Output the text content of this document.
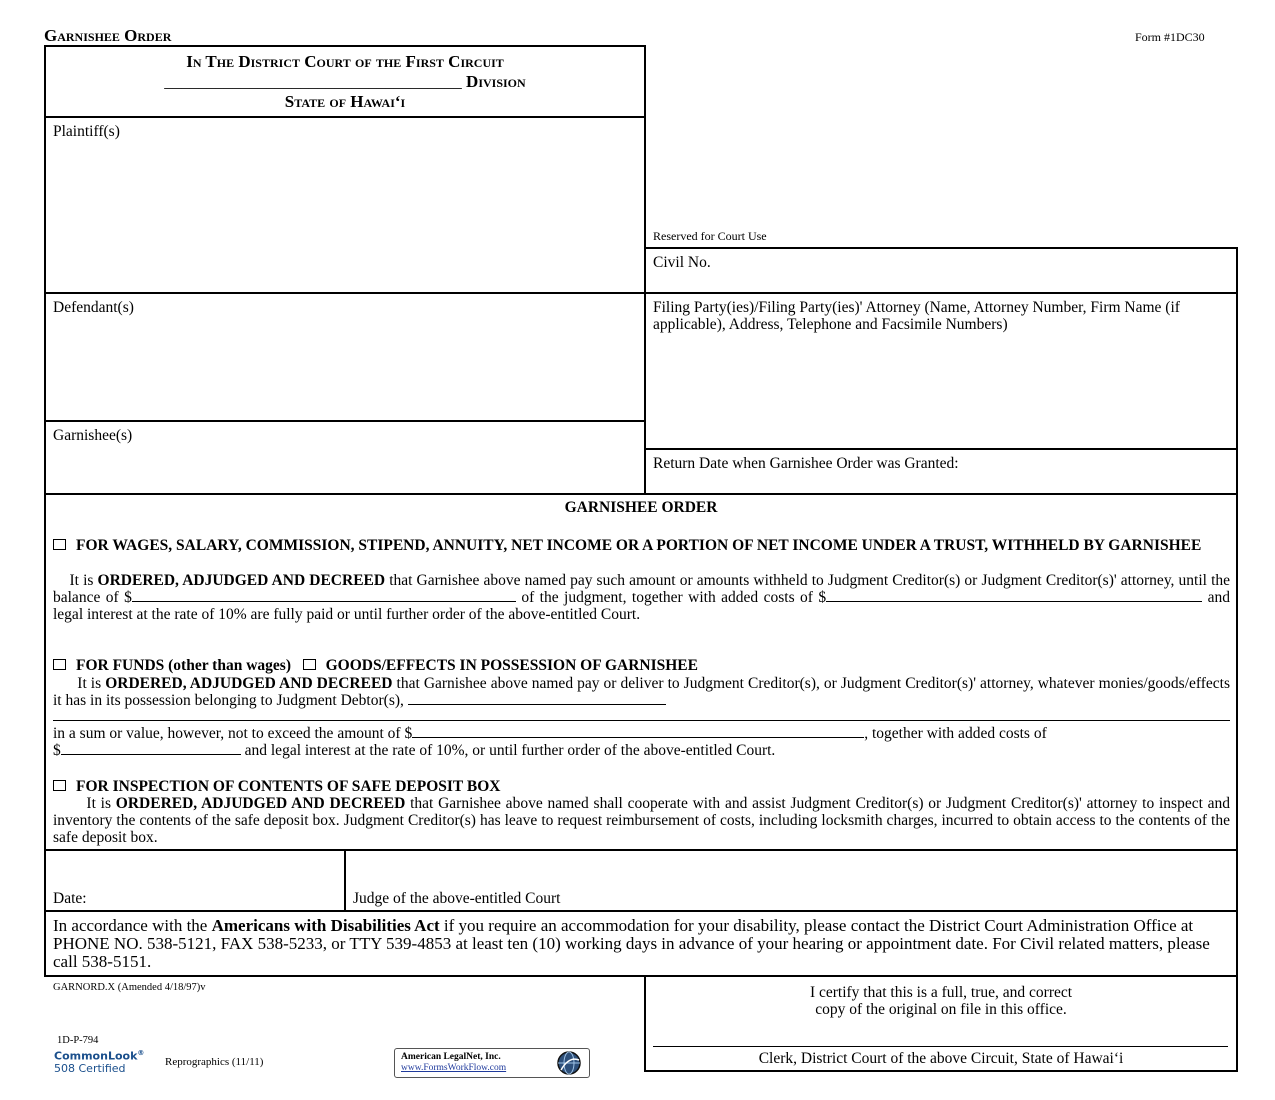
Garnishee Order	Form #1DC30
In The District Court of the First Circuit
___________________________________ Division
State of Hawai‘i
Plaintiff(s)
Defendant(s)
Garnishee(s)
Reserved for Court Use
Civil No.
Filing Party(ies)/Filing Party(ies)' Attorney (Name, Attorney Number, Firm Name (if applicable), Address, Telephone and Facsimile Numbers)
Return Date when Garnishee Order was Granted:
GARNISHEE ORDER
FOR WAGES, SALARY, COMMISSION, STIPEND, ANNUITY, NET INCOME OR A PORTION OF NET INCOME UNDER A TRUST, WITHHELD BY GARNISHEE
It is ORDERED, ADJUDGED AND DECREED that Garnishee above named pay such amount or amounts withheld to Judgment Creditor(s) or Judgment Creditor(s)' attorney, until the balance of $	of the judgment, together with added costs of $	and legal interest at the rate of 10% are fully paid or until further order of the above-entitled Court.
FOR FUNDS (other than wages) GOODS/EFFECTS IN POSSESSION OF GARNISHEE
It is ORDERED, ADJUDGED AND DECREED that Garnishee above named pay or deliver to Judgment Creditor(s), or Judgment Creditor(s)' attorney, whatever monies/goods/effects it has in its possession belonging to Judgment Debtor(s),
in a sum or value, however, not to exceed the amount of $	, together with added costs of
$	and legal interest at the rate of 10%, or until further order of the above-entitled Court.
FOR INSPECTION OF CONTENTS OF SAFE DEPOSIT BOX
It is ORDERED, ADJUDGED AND DECREED that Garnishee above named shall cooperate with and assist Judgment Creditor(s) or Judgment Creditor(s)' attorney to inspect and inventory the contents of the safe deposit box. Judgment Creditor(s) has leave to request reimbursement of costs, including locksmith charges, incurred to obtain access to the contents of the safe deposit box.
Date:	Judge of the above-entitled Court
In accordance with the Americans with Disabilities Act if you require an accommodation for your disability, please contact the District Court Administration Office at PHONE NO. 538-5121, FAX 538-5233, or TTY 539-4853 at least ten (10) working days in advance of your hearing or appointment date. For Civil related matters, please call 538-5151.
GARNORD.X (Amended 4/18/97)v
1D-P-794
CommonLook®
508 Certified	Reprographics (11/11)	American LegalNet, Inc.
www.FormsWorkFlow.com
I certify that this is a full, true, and correct
copy of the original on file in this office.
Clerk, District Court of the above Circuit, State of Hawai‘i
